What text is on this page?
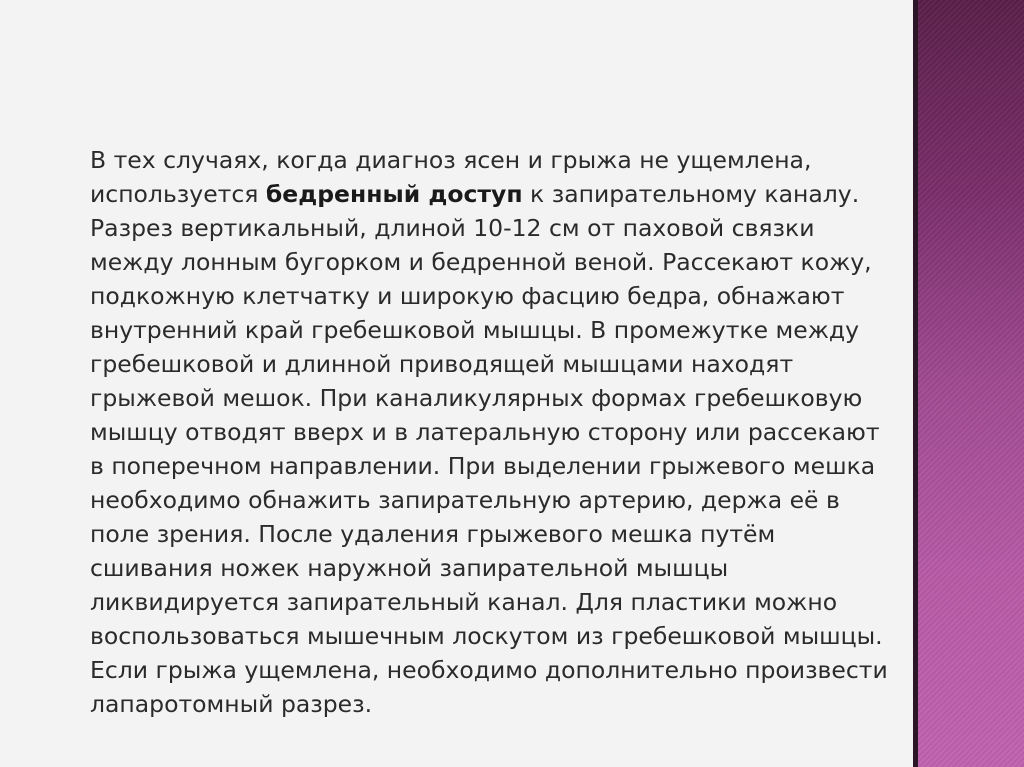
В тех случаях, когда диагноз ясен и грыжа не ущемлена,
используется бедренный доступ к запирательному каналу.
Разрез вертикальный, длиной 10-12 см от паховой связки
между лонным бугорком и бедренной веной. Рассекают кожу,
подкожную клетчатку и широкую фасцию бедра, обнажают
внутренний край гребешковой мышцы. В промежутке между
гребешковой и длинной приводящей мышцами находят
грыжевой мешок. При каналикулярных формах гребешковую
мышцу отводят вверх и в латеральную сторону или рассекают
в поперечном направлении. При выделении грыжевого мешка
необходимо обнажить запирательную артерию, держа её в
поле зрения. После удаления грыжевого мешка путём
сшивания ножек наружной запирательной мышцы
ликвидируется запирательный канал. Для пластики можно
воспользоваться мышечным лоскутом из гребешковой мышцы.
Если грыжа ущемлена, необходимо дополнительно произвести
лапаротомный разрез.
